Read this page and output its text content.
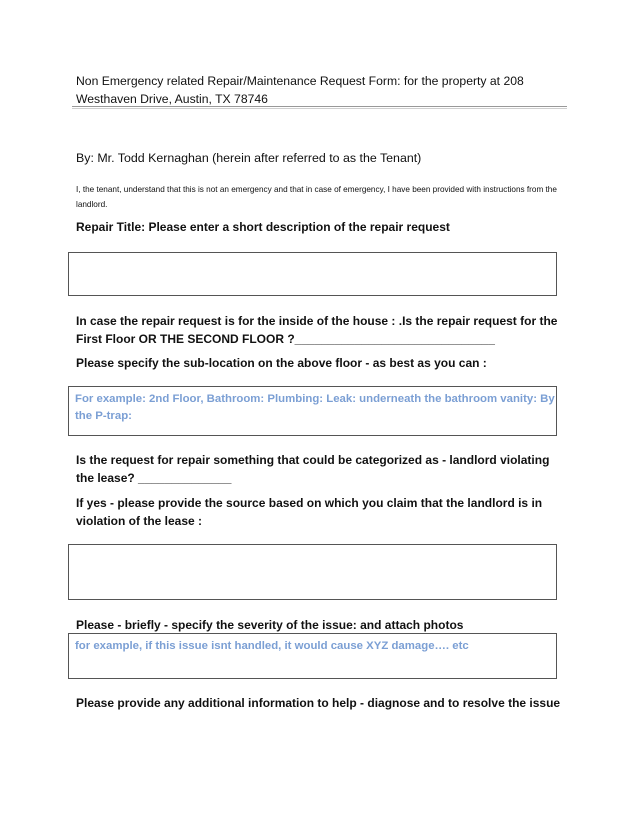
Non Emergency related Repair/Maintenance Request Form: for the property at 208 Westhaven Drive, Austin, TX 78746
By: Mr. Todd Kernaghan (herein after referred to as the Tenant)
I, the tenant, understand that this is not an emergency and that in case of emergency, I have been provided with instructions from the landlord.
Repair Title: Please enter a short description of the repair request
In case the repair request is for the inside of the house : .Is the repair request for the First Floor OR THE SECOND FLOOR ?______________________________
Please specify the sub-location on the above floor - as best as you can :
For example: 2nd Floor, Bathroom: Plumbing: Leak: underneath the bathroom vanity: By the P-trap:
Is the request for repair something that could be categorized as - landlord violating the lease? ______________
If yes - please provide the source based on which you claim that the landlord is in violation of the lease :
Please - briefly - specify the severity of the issue: and attach photos
for example, if this issue isnt handled, it would cause XYZ damage…. etc
Please provide any additional information to help - diagnose and to resolve the issue
